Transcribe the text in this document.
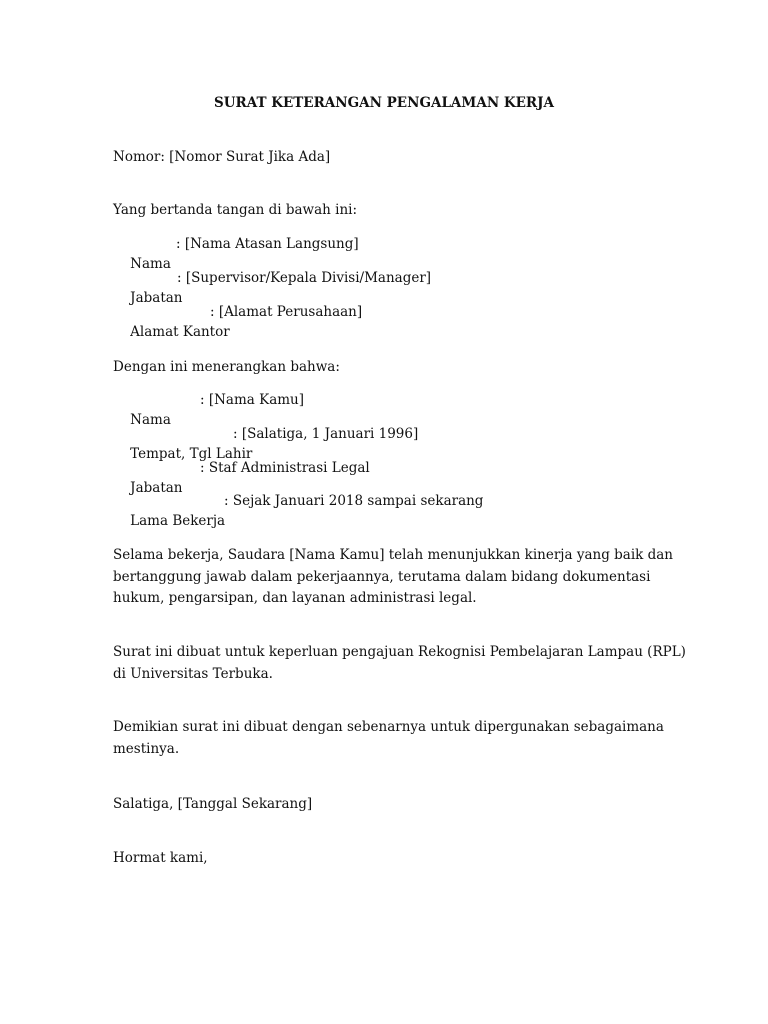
SURAT KETERANGAN PENGALAMAN KERJA
Nomor: [Nomor Surat Jika Ada]
Yang bertanda tangan di bawah ini:

Nama

: [Nama Atasan Langsung]

Jabatan

: [Supervisor/Kepala Divisi/Manager]

Alamat Kantor

: [Alamat Perusahaan]

Dengan ini menerangkan bahwa:

Nama

: [Nama Kamu]

Tempat, Tgl Lahir

: [Salatiga, 1 Januari 1996]

Jabatan

: Staf Administrasi Legal

Lama Bekerja

: Sejak Januari 2018 sampai sekarang

Selama bekerja, Saudara [Nama Kamu] telah menunjukkan kinerja yang baik dan
bertanggung jawab dalam pekerjaannya, terutama dalam bidang dokumentasi
hukum, pengarsipan, dan layanan administrasi legal.
Surat ini dibuat untuk keperluan pengajuan Rekognisi Pembelajaran Lampau (RPL)
di Universitas Terbuka.
Demikian surat ini dibuat dengan sebenarnya untuk dipergunakan sebagaimana
mestinya.
Salatiga, [Tanggal Sekarang]
Hormat kami,
